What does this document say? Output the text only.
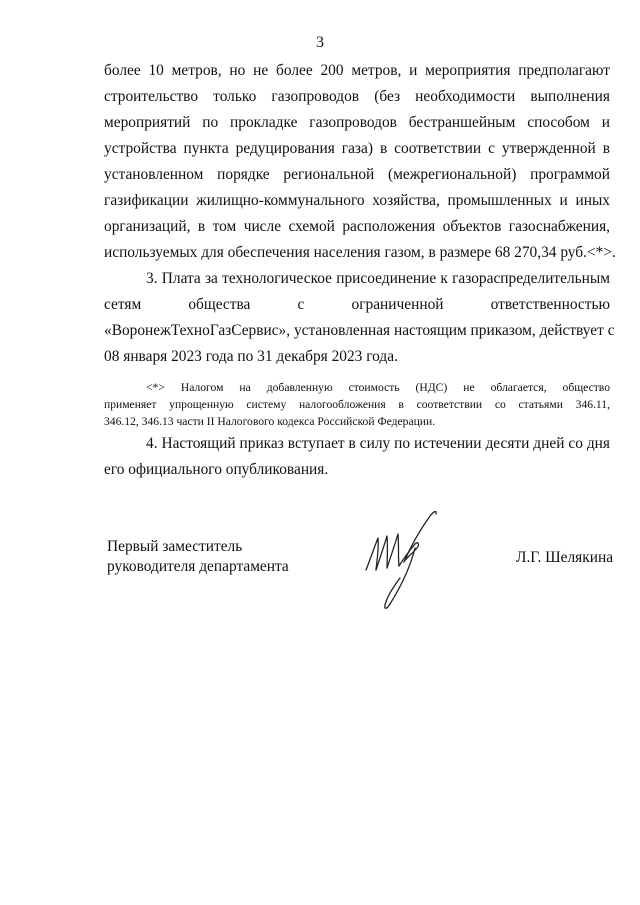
3
более 10 метров, но не более 200 метров, и мероприятия предполагают
строительство только газопроводов (без необходимости выполнения
мероприятий по прокладке газопроводов бестраншейным способом и
устройства пункта редуцирования газа) в соответствии с утвержденной в
установленном порядке региональной (межрегиональной) программой
газификации жилищно-коммунального хозяйства, промышленных и иных
организаций, в том числе схемой расположения объектов газоснабжения,
используемых для обеспечения населения газом, в размере 68 270,34 руб.<*>.
3. Плата за технологическое присоединение к газораспределительным
сетям общества с ограниченной ответственностью
«ВоронежТехноГазСервис», установленная настоящим приказом, действует с
08 января 2023 года по 31 декабря 2023 года.
<*> Налогом на добавленную стоимость (НДС) не облагается, общество
применяет упрощенную систему налогообложения в соответствии со статьями 346.11,
346.12, 346.13 части II Налогового кодекса Российской Федерации.
4. Настоящий приказ вступает в силу по истечении десяти дней со дня
его официального опубликования.
Первый заместитель
руководителя департамента
Л.Г. Шелякина
